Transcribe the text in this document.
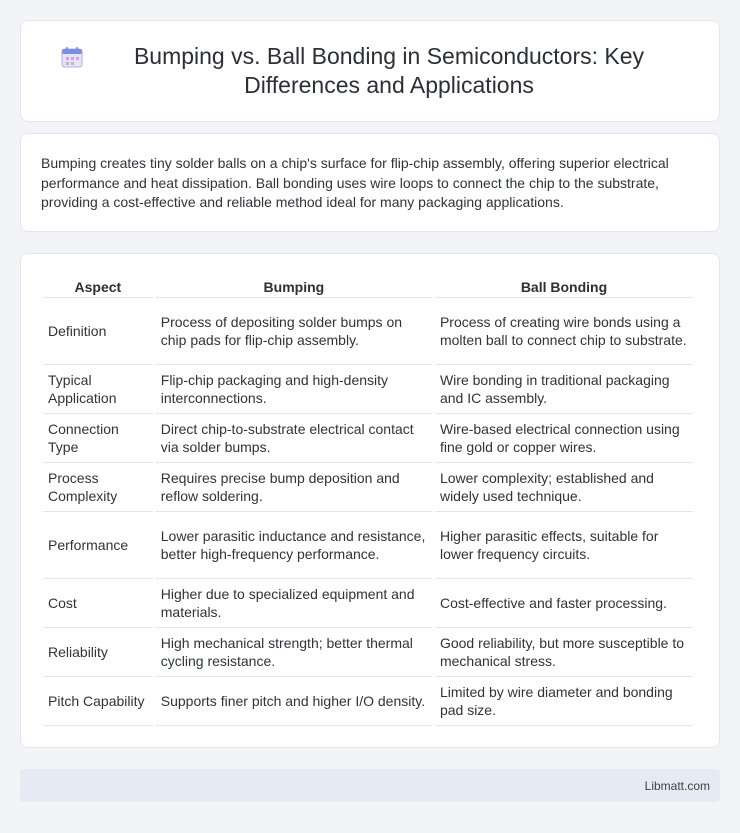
Bumping vs. Ball Bonding in Semiconductors: Key Differences and Applications

Bumping creates tiny solder balls on a chip's surface for flip-chip assembly, offering superior electrical performance and heat dissipation. Ball bonding uses wire loops to connect the chip to the substrate, providing a cost-effective and reliable method ideal for many packaging applications.

Aspect	Bumping	Ball Bonding
Definition	Process of depositing solder bumps on chip pads for flip-chip assembly.	Process of creating wire bonds using a molten ball to connect chip to substrate.
Typical Application	Flip-chip packaging and high-density interconnections.	Wire bonding in traditional packaging and IC assembly.
Connection Type	Direct chip-to-substrate electrical contact via solder bumps.	Wire-based electrical connection using fine gold or copper wires.
Process Complexity	Requires precise bump deposition and reflow soldering.	Lower complexity; established and widely used technique.
Performance	Lower parasitic inductance and resistance, better high-frequency performance.	Higher parasitic effects, suitable for lower frequency circuits.
Cost	Higher due to specialized equipment and materials.	Cost-effective and faster processing.
Reliability	High mechanical strength; better thermal cycling resistance.	Good reliability, but more susceptible to mechanical stress.
Pitch Capability	Supports finer pitch and higher I/O density.	Limited by wire diameter and bonding pad size.
Libmatt.com
